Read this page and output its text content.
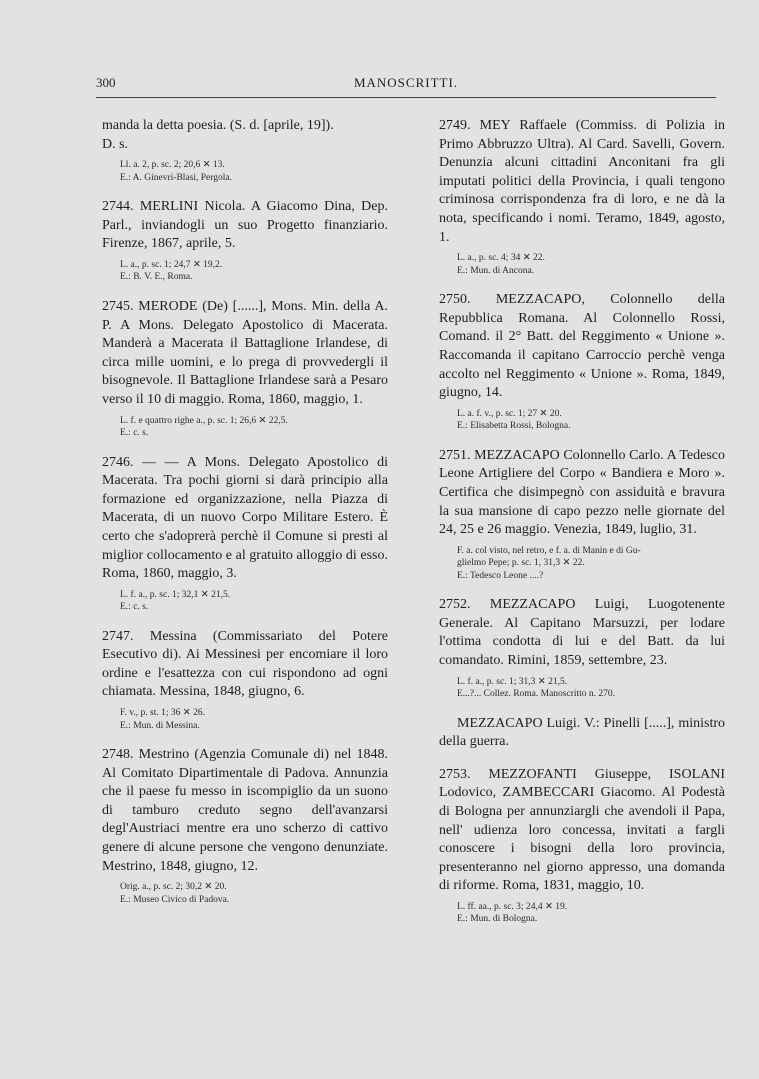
300	MANOSCRITTI.

manda la detta poesia. (S. d. [aprile, 19]).

D. s.

Ll. a. 2, p. sc. 2; 20,6 ✕ 13.
E.: A. Ginevri-Blasi, Pergola.

2744. MERLINI Nicola. A Giacomo Dina, Dep. Parl., inviandogli un suo Progetto finanziario. Firenze, 1867, aprile, 5.

L. a., p. sc. 1; 24,7 ✕ 19,2.
E.: B. V. E., Roma.

2745. MERODE (De) [......], Mons. Min. della A. P. A Mons. Delegato Apostolico di Macerata. Manderà a Macerata il Battaglione Irlandese, di circa mille uomini, e lo prega di provvedergli il bisognevole. Il Battaglione Irlandese sarà a Pesaro verso il 10 di maggio. Roma, 1860, maggio, 1.

L. f. e quattro righe a., p. sc. 1; 26,6 ✕ 22,5.
E.: c. s.

2746. — — A Mons. Delegato Apostolico di Macerata. Tra pochi giorni si darà principio alla formazione ed organizzazione, nella Piazza di Macerata, di un nuovo Corpo Militare Estero. È certo che s'adoprerà perchè il Comune si presti al miglior collocamento e al gratuito alloggio di esso. Roma, 1860, maggio, 3.

L. f. a., p. sc. 1; 32,1 ✕ 21,5.
E.: c. s.

2747. Messina (Commissariato del Potere Esecutivo di). Ai Messinesi per encomiare il loro ordine e l'esattezza con cui rispondono ad ogni chiamata. Messina, 1848, giugno, 6.

F. v., p. st. 1; 36 ✕ 26.
E.: Mun. di Messina.

2748. Mestrino (Agenzia Comunale di) nel 1848. Al Comitato Dipartimentale di Padova. Annunzia che il paese fu messo in iscompiglio da un suono di tamburo creduto segno dell'avanzarsi degl'Austriaci mentre era uno scherzo di cattivo genere di alcune persone che vengono denunziate. Mestrino, 1848, giugno, 12.

Orig. a., p. sc. 2; 30,2 ✕ 20.
E.: Museo Civico di Padova.

2749. MEY Raffaele (Commiss. di Polizia in Primo Abbruzzo Ultra). Al Card. Savelli, Govern. Denunzia alcuni cittadini Anconitani fra gli imputati politici della Provincia, i quali tengono criminosa corrispondenza fra di loro, e ne dà la nota, specificando i nomi. Teramo, 1849, agosto, 1.

L. a., p. sc. 4; 34 ✕ 22.
E.: Mun. di Ancona.

2750. MEZZACAPO, Colonnello della Repubblica Romana. Al Colonnello Rossi, Comand. il 2° Batt. del Reggimento « Unione ». Raccomanda il capitano Carroccio perchè venga accolto nel Reggimento « Unione ». Roma, 1849, giugno, 14.

L. a. f. v., p. sc. 1; 27 ✕ 20.
E.: Elisabetta Rossi, Bologna.

2751. MEZZACAPO Colonnello Carlo. A Tedesco Leone Artigliere del Corpo « Bandiera e Moro ». Certifica che disimpegnò con assiduità e bravura la sua mansione di capo pezzo nelle giornate del 24, 25 e 26 maggio. Venezia, 1849, luglio, 31.

F. a. col visto, nel retro, e f. a. di Manin e di Gu-
glielmo Pepe; p. sc. 1, 31,3 ✕ 22.
E.: Tedesco Leone ....?

2752. MEZZACAPO Luigi, Luogotenente Generale. Al Capitano Marsuzzi, per lodare l'ottima condotta di lui e del Batt. da lui comandato. Rimini, 1859, settembre, 23.

L. f. a., p. sc. 1; 31,3 ✕ 21,5.
E...?... Collez. Roma. Manoscritto n. 270.

MEZZACAPO Luigi. V.: Pinelli [.....], ministro della guerra.

2753. MEZZOFANTI Giuseppe, ISOLANI Lodovico, ZAMBECCARI Giacomo. Al Podestà di Bologna per annunziargli che avendoli il Papa, nell' udienza loro concessa, invitati a fargli conoscere i bisogni della loro provincia, presenteranno nel giorno appresso, una domanda di riforme. Roma, 1831, maggio, 10.

L. ff. aa., p. sc. 3; 24,4 ✕ 19.
E.: Mun. di Bologna.
